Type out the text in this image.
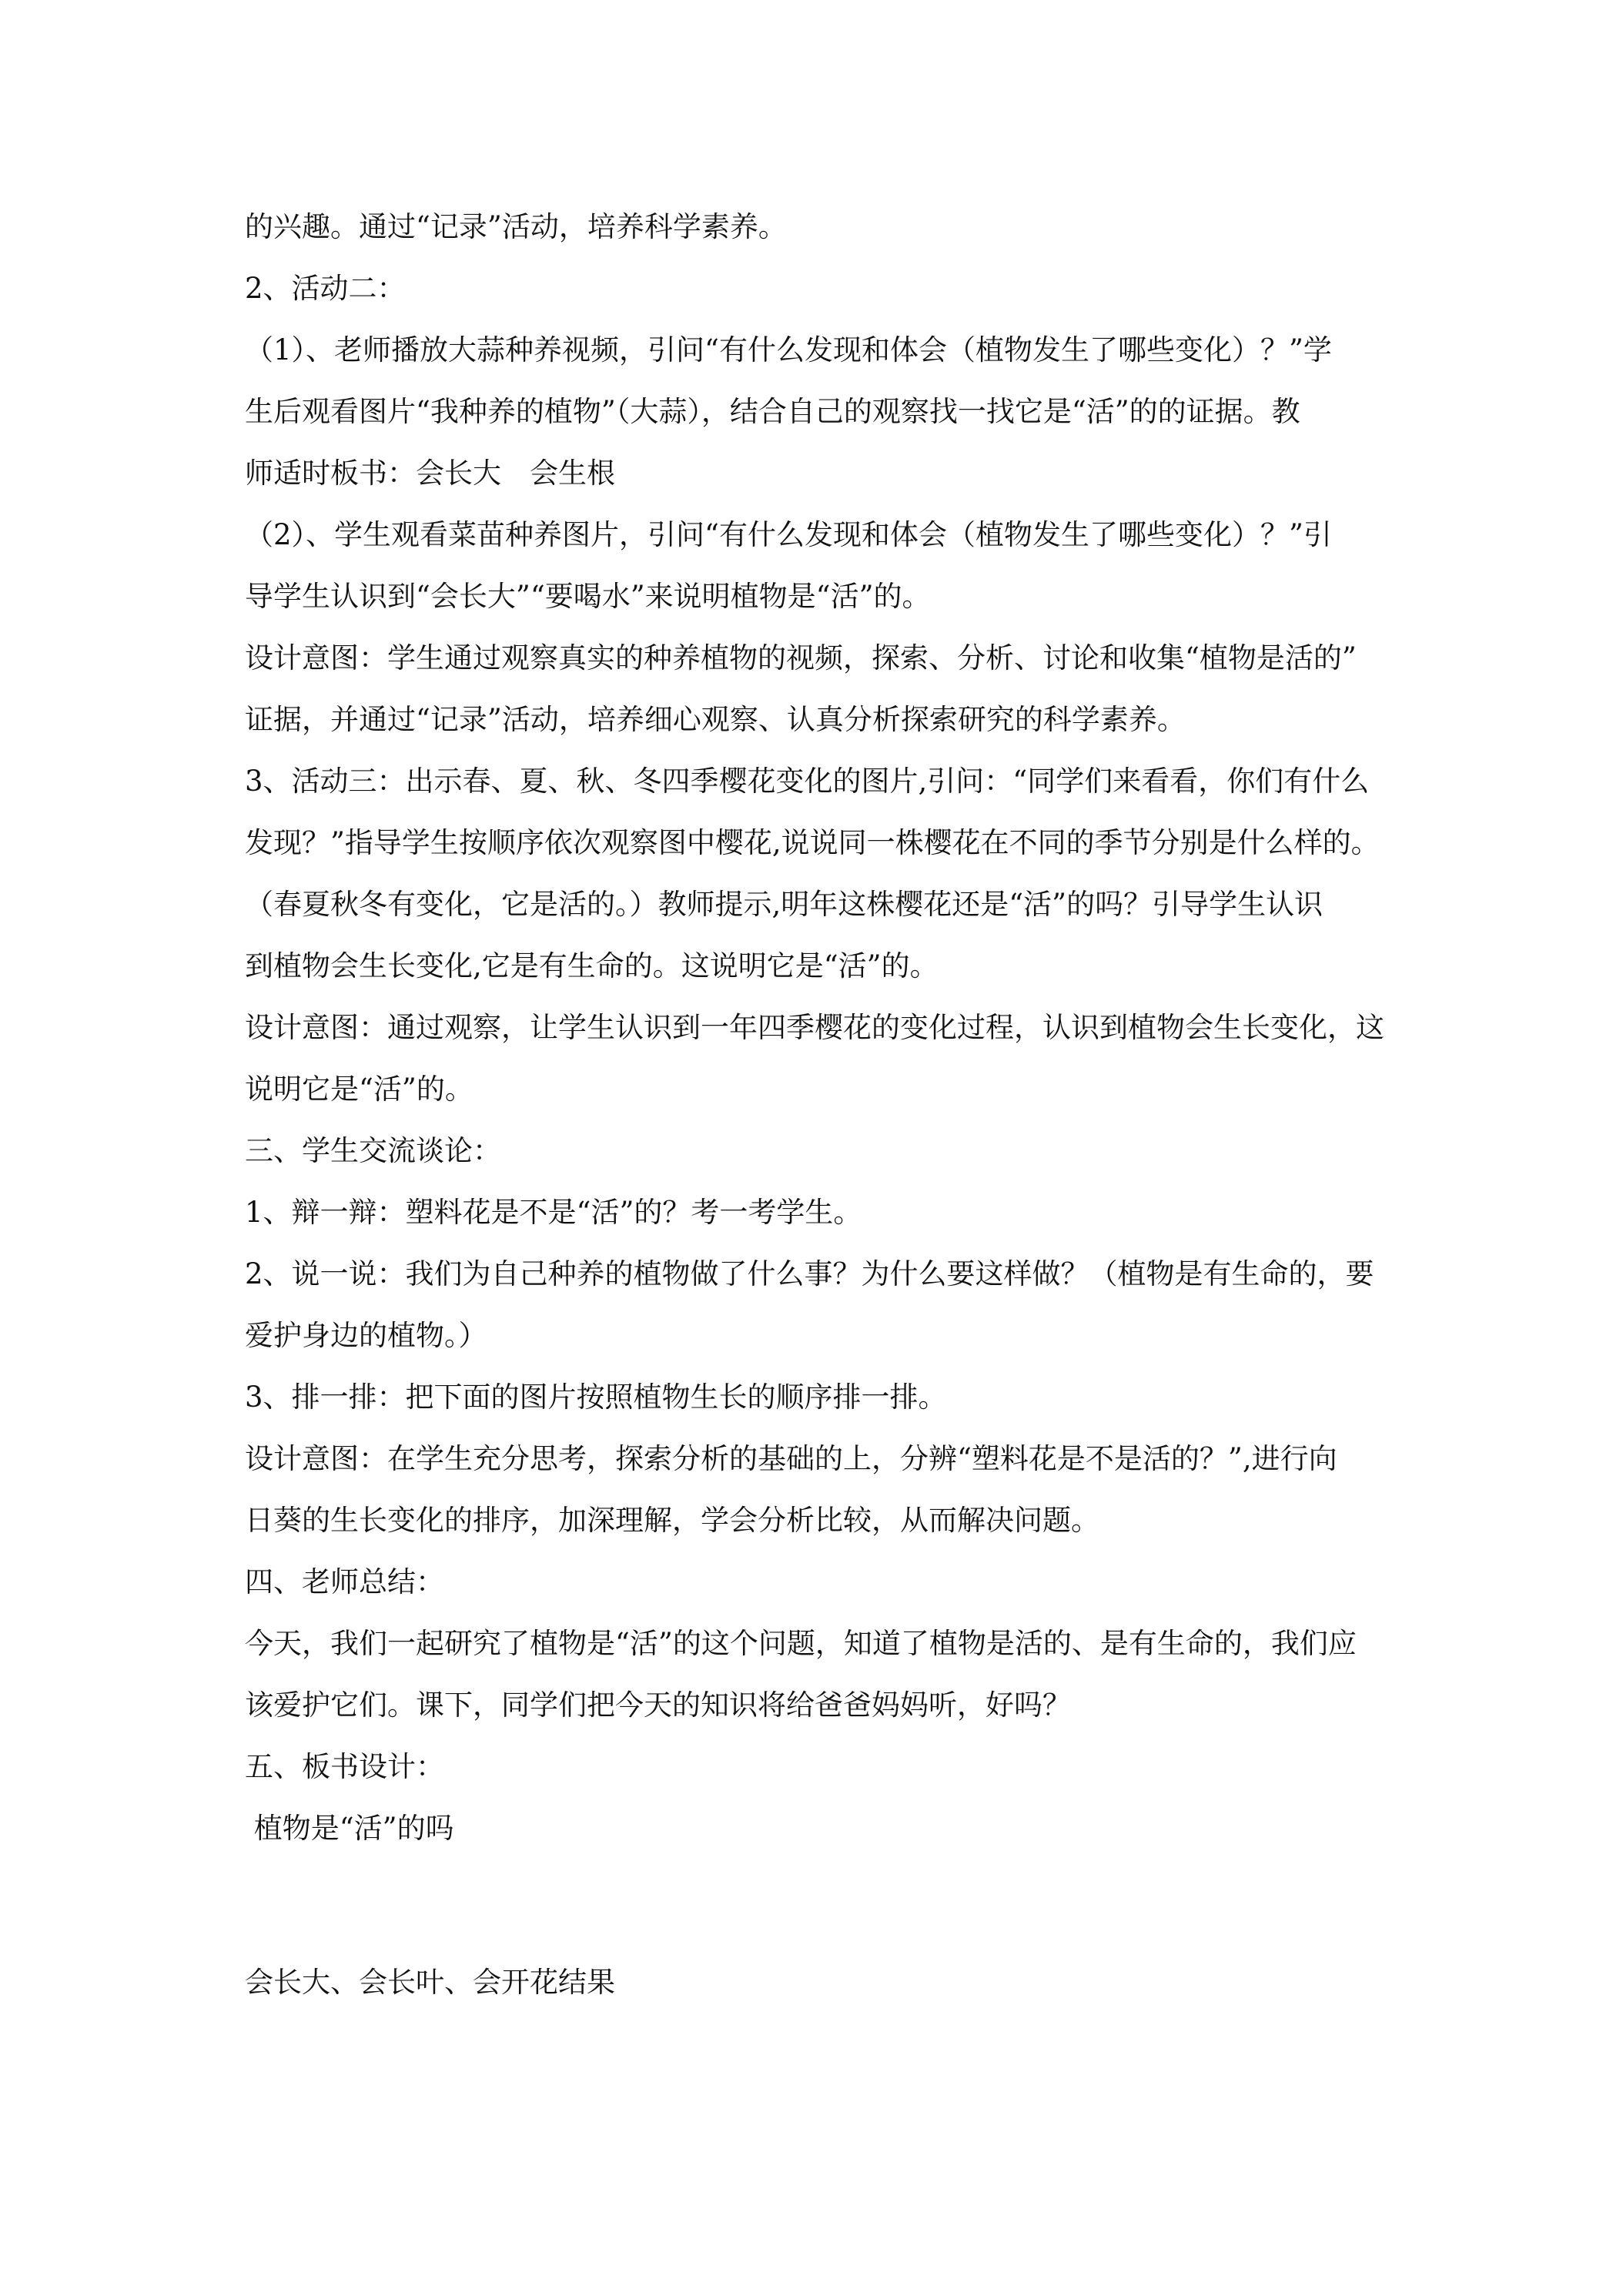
的兴趣。通过“记录”活动，培养科学素养。

2、活动二：

（1）、老师播放大蒜种养视频，引问“有什么发现和体会（植物发生了哪些变化）？”学

生后观看图片“我种养的植物”（大蒜），结合自己的观察找一找它是“活”的的证据。教

师适时板书：会长大　会生根

（2）、学生观看菜苗种养图片，引问“有什么发现和体会（植物发生了哪些变化）？”引

导学生认识到“会长大”“要喝水”来说明植物是“活”的。

设计意图：学生通过观察真实的种养植物的视频，探索、分析、讨论和收集“植物是活的”

证据，并通过“记录”活动，培养细心观察、认真分析探索研究的科学素养。

3、活动三：出示春、夏、秋、冬四季樱花变化的图片,引问：“同学们来看看，你们有什么

发现？”指导学生按顺序依次观察图中樱花,说说同一株樱花在不同的季节分别是什么样的。

（春夏秋冬有变化，它是活的。）教师提示,明年这株樱花还是“活”的吗？引导学生认识

到植物会生长变化,它是有生命的。这说明它是“活”的。

设计意图：通过观察，让学生认识到一年四季樱花的变化过程，认识到植物会生长变化，这

说明它是“活”的。

三、学生交流谈论：

1、辩一辩：塑料花是不是“活”的？考一考学生。

2、说一说：我们为自己种养的植物做了什么事？为什么要这样做？（植物是有生命的，要

爱护身边的植物。）

3、排一排：把下面的图片按照植物生长的顺序排一排。

设计意图：在学生充分思考，探索分析的基础的上，分辨“塑料花是不是活的？”,进行向

日葵的生长变化的排序，加深理解，学会分析比较，从而解决问题。

四、老师总结：

今天，我们一起研究了植物是“活”的这个问题，知道了植物是活的、是有生命的，我们应

该爱护它们。课下，同学们把今天的知识将给爸爸妈妈听，好吗？

五、板书设计：

植物是“活”的吗

会长大、会长叶、会开花结果
